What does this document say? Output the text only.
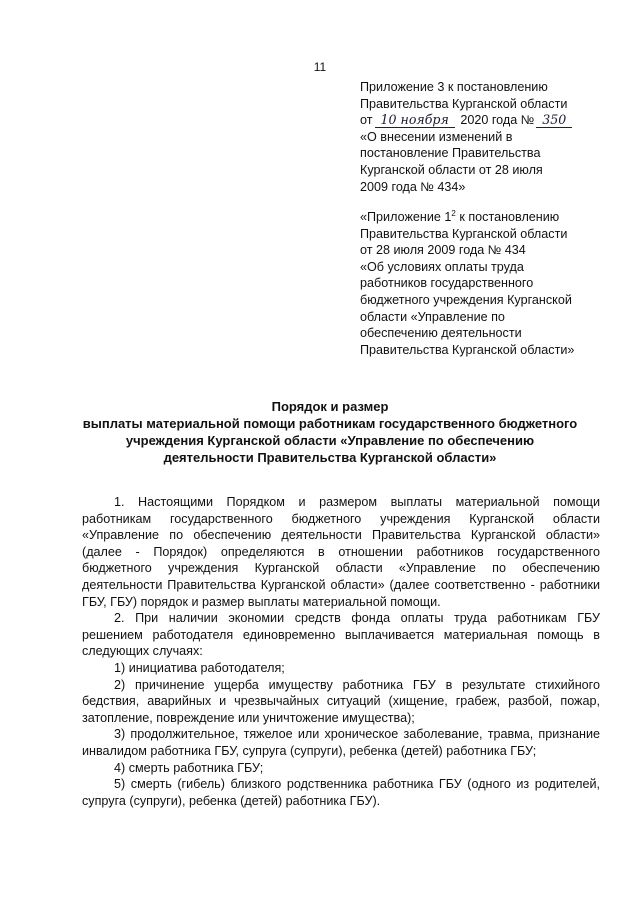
11

Приложение 3 к постановлению

Правительства Курганской области

от 10 ноября 2020 года № 350

«О внесении изменений в

постановление Правительства

Курганской области от 28 июля

2009 года № 434»

«Приложение $1^2$ к постановлению

Правительства Курганской области

от 28 июля 2009 года № 434

«Об условиях оплаты труда

работников государственного

бюджетного учреждения Курганской

области «Управление по

обеспечению деятельности

Правительства Курганской области»

Порядок и размер

выплаты материальной помощи работникам государственного бюджетного

учреждения Курганской области «Управление по обеспечению

деятельности Правительства Курганской области»

1. Настоящими Порядком и размером выплаты материальной помощи работникам государственного бюджетного учреждения Курганской области «Управление по обеспечению деятельности Правительства Курганской области» (далее - Порядок) определяются в отношении работников государственного бюджетного учреждения Курганской области «Управление по обеспечению деятельности Правительства Курганской области» (далее соответственно - работники ГБУ, ГБУ) порядок и размер выплаты материальной помощи.

2. При наличии экономии средств фонда оплаты труда работникам ГБУ решением работодателя единовременно выплачивается материальная помощь в следующих случаях:

1) инициатива работодателя;

2) причинение ущерба имуществу работника ГБУ в результате стихийного бедствия, аварийных и чрезвычайных ситуаций (хищение, грабеж, разбой, пожар, затопление, повреждение или уничтожение имущества);

3) продолжительное, тяжелое или хроническое заболевание, травма, признание инвалидом работника ГБУ, супруга (супруги), ребенка (детей) работника ГБУ;

4) смерть работника ГБУ;

5) смерть (гибель) близкого родственника работника ГБУ (одного из родителей, супруга (супруги), ребенка (детей) работника ГБУ).
